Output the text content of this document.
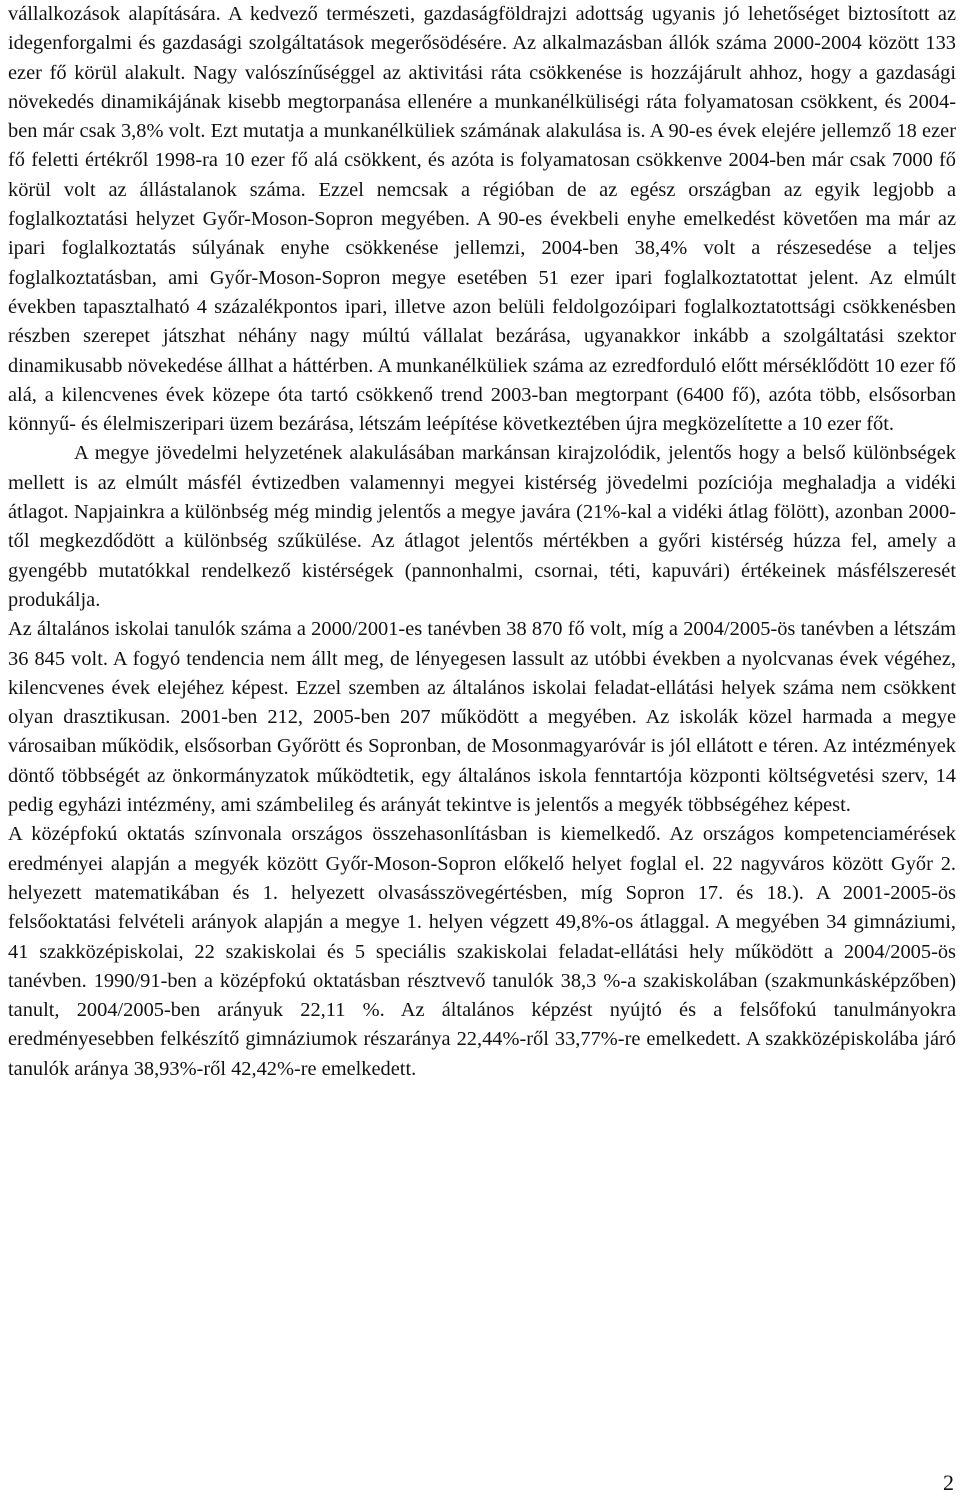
vállalkozások alapítására. A kedvező természeti, gazdaságföldrajzi adottság ugyanis jó lehetőséget biztosított az idegenforgalmi és gazdasági szolgáltatások megerősödésére. Az alkalmazásban állók száma 2000-2004 között 133 ezer fő körül alakult. Nagy valószínűséggel az aktivitási ráta csökkenése is hozzájárult ahhoz, hogy a gazdasági növekedés dinamikájának kisebb megtorpanása ellenére a munkanélküliségi ráta folyamatosan csökkent, és 2004-ben már csak 3,8% volt. Ezt mutatja a munkanélküliek számának alakulása is. A 90-es évek elejére jellemző 18 ezer fő feletti értékről 1998-ra 10 ezer fő alá csökkent, és azóta is folyamatosan csökkenve 2004-ben már csak 7000 fő körül volt az állástalanok száma. Ezzel nemcsak a régióban de az egész országban az egyik legjobb a foglalkoztatási helyzet Győr-Moson-Sopron megyében. A 90-es évekbeli enyhe emelkedést követően ma már az ipari foglalkoztatás súlyának enyhe csökkenése jellemzi, 2004-ben 38,4% volt a részesedése a teljes foglalkoztatásban, ami Győr-Moson-Sopron megye esetében 51 ezer ipari foglalkoztatottat jelent. Az elmúlt években tapasztalható 4 százalékpontos ipari, illetve azon belüli feldolgozóipari foglalkoztatottsági csökkenésben részben szerepet játszhat néhány nagy múltú vállalat bezárása, ugyanakkor inkább a szolgáltatási szektor dinamikusabb növekedése állhat a háttérben. A munkanélküliek száma az ezredforduló előtt mérséklődött 10 ezer fő alá, a kilencvenes évek közepe óta tartó csökkenő trend 2003-ban megtorpant (6400 fő), azóta több, elsősorban könnyű- és élelmiszeripari üzem bezárása, létszám leépítése következtében újra megközelítette a 10 ezer főt.

A megye jövedelmi helyzetének alakulásában markánsan kirajzolódik, jelentős hogy a belső különbségek mellett is az elmúlt másfél évtizedben valamennyi megyei kistérség jövedelmi pozíciója meghaladja a vidéki átlagot. Napjainkra a különbség még mindig jelentős a megye javára (21%-kal a vidéki átlag fölött), azonban 2000-től megkezdődött a különbség szűkülése. Az átlagot jelentős mértékben a győri kistérség húzza fel, amely a gyengébb mutatókkal rendelkező kistérségek (pannonhalmi, csornai, téti, kapuvári) értékeinek másfélszeresét produkálja.

Az általános iskolai tanulók száma a 2000/2001-es tanévben 38 870 fő volt, míg a 2004/2005-ös tanévben a létszám 36 845 volt. A fogyó tendencia nem állt meg, de lényegesen lassult az utóbbi években a nyolcvanas évek végéhez, kilencvenes évek elejéhez képest. Ezzel szemben az általános iskolai feladat-ellátási helyek száma nem csökkent olyan drasztikusan. 2001-ben 212, 2005-ben 207 működött a megyében. Az iskolák közel harmada a megye városaiban működik, elsősorban Győrött és Sopronban, de Mosonmagyaróvár is jól ellátott e téren. Az intézmények döntő többségét az önkormányzatok működtetik, egy általános iskola fenntartója központi költségvetési szerv, 14 pedig egyházi intézmény, ami számbelileg és arányát tekintve is jelentős a megyék többségéhez képest.

A középfokú oktatás színvonala országos összehasonlításban is kiemelkedő. Az országos kompetenciamérések eredményei alapján a megyék között Győr-Moson-Sopron előkelő helyet foglal el. 22 nagyváros között Győr 2. helyezett matematikában és 1. helyezett olvasásszövegértésben, míg Sopron 17. és 18.). A 2001-2005-ös felsőoktatási felvételi arányok alapján a megye 1. helyen végzett 49,8%-os átlaggal. A megyében 34 gimnáziumi, 41 szakközépiskolai, 22 szakiskolai és 5 speciális szakiskolai feladat-ellátási hely működött a 2004/2005-ös tanévben. 1990/91-ben a középfokú oktatásban résztvevő tanulók 38,3 %-a szakiskolában (szakmunkásképzőben) tanult, 2004/2005-ben arányuk 22,11 %. Az általános képzést nyújtó és a felsőfokú tanulmányokra eredményesebben felkészítő gimnáziumok részaránya 22,44%-ről 33,77%-re emelkedett. A szakközépiskolába járó tanulók aránya 38,93%-ről 42,42%-re emelkedett.

2
